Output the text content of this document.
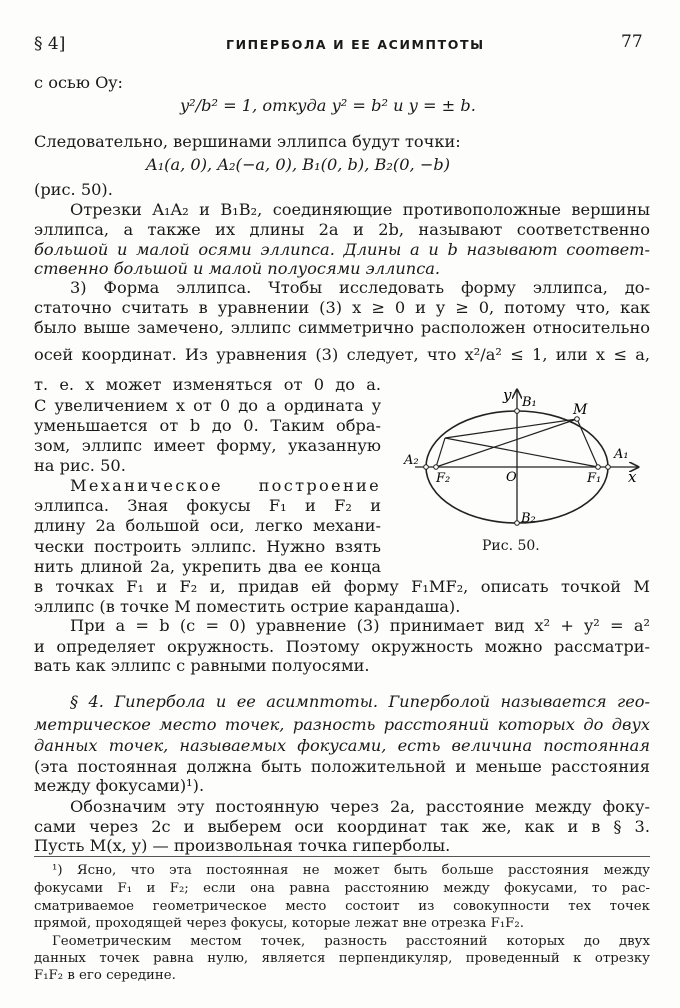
§ 4]	ГИПЕРБОЛА И ЕЕ АСИМПТОТЫ	77
с осью Oy:
y²/b² = 1, откуда y² = b² и y = ± b.
Следовательно, вершинами эллипса будут точки:
A₁(a, 0), A₂(−a, 0), B₁(0, b), B₂(0, −b)
(рис. 50).
Отрезки A₁A₂ и B₁B₂, соединяющие противоположные вершины
эллипса, а также их длины 2a и 2b, называют соответственно
большой и малой осями эллипса. Длины a и b называют соответ-
ственно большой и малой полуосями эллипса.
3) Форма эллипса. Чтобы исследовать форму эллипса, до-
статочно считать в уравнении (3) x ≥ 0 и y ≥ 0, потому что, как
было выше замечено, эллипс симметрично расположен относительно
осей координат. Из уравнения (3) следует, что x²/a² ≤ 1, или x ≤ a,
т. е. x может изменяться от 0 до a.
С увеличением x от 0 до a ордината y
уменьшается от b до 0. Таким обра-
зом, эллипс имеет форму, указанную
на рис. 50.
Механическое построение
эллипса. Зная фокусы F₁ и F₂ и
длину 2a большой оси, легко механи-
чески построить эллипс. Нужно взять
нить длиной 2a, укрепить два ее конца
y B₁	M
A₂	A₁
x
F₂	F₁
O
B₂
Рис. 50.
в точках F₁ и F₂ и, придав ей форму F₁MF₂, описать точкой M
эллипс (в точке M поместить острие карандаша).
При a = b (c = 0) уравнение (3) принимает вид x² + y² = a²
и определяет окружность. Поэтому окружность можно рассматри-
вать как эллипс с равными полуосями.
§ 4. Гипербола и ее асимптоты. Гиперболой называется гео-
метрическое место точек, разность расстояний которых до двух
данных точек, называемых фокусами, есть величина постоянная
(эта постоянная должна быть положительной и меньше расстояния
между фокусами)¹).
Обозначим эту постоянную через 2a, расстояние между фоку-
сами через 2c и выберем оси координат так же, как и в § 3.
Пусть M(x, y) — произвольная точка гиперболы.
¹) Ясно, что эта постоянная не может быть больше расстояния между
фокусами F₁ и F₂; если она равна расстоянию между фокусами, то рас-
сматриваемое геометрическое место состоит из совокупности тех точек
прямой, проходящей через фокусы, которые лежат вне отрезка F₁F₂.
Геометрическим местом точек, разность расстояний которых до двух
данных точек равна нулю, является перпендикуляр, проведенный к отрезку
F₁F₂ в его середине.
